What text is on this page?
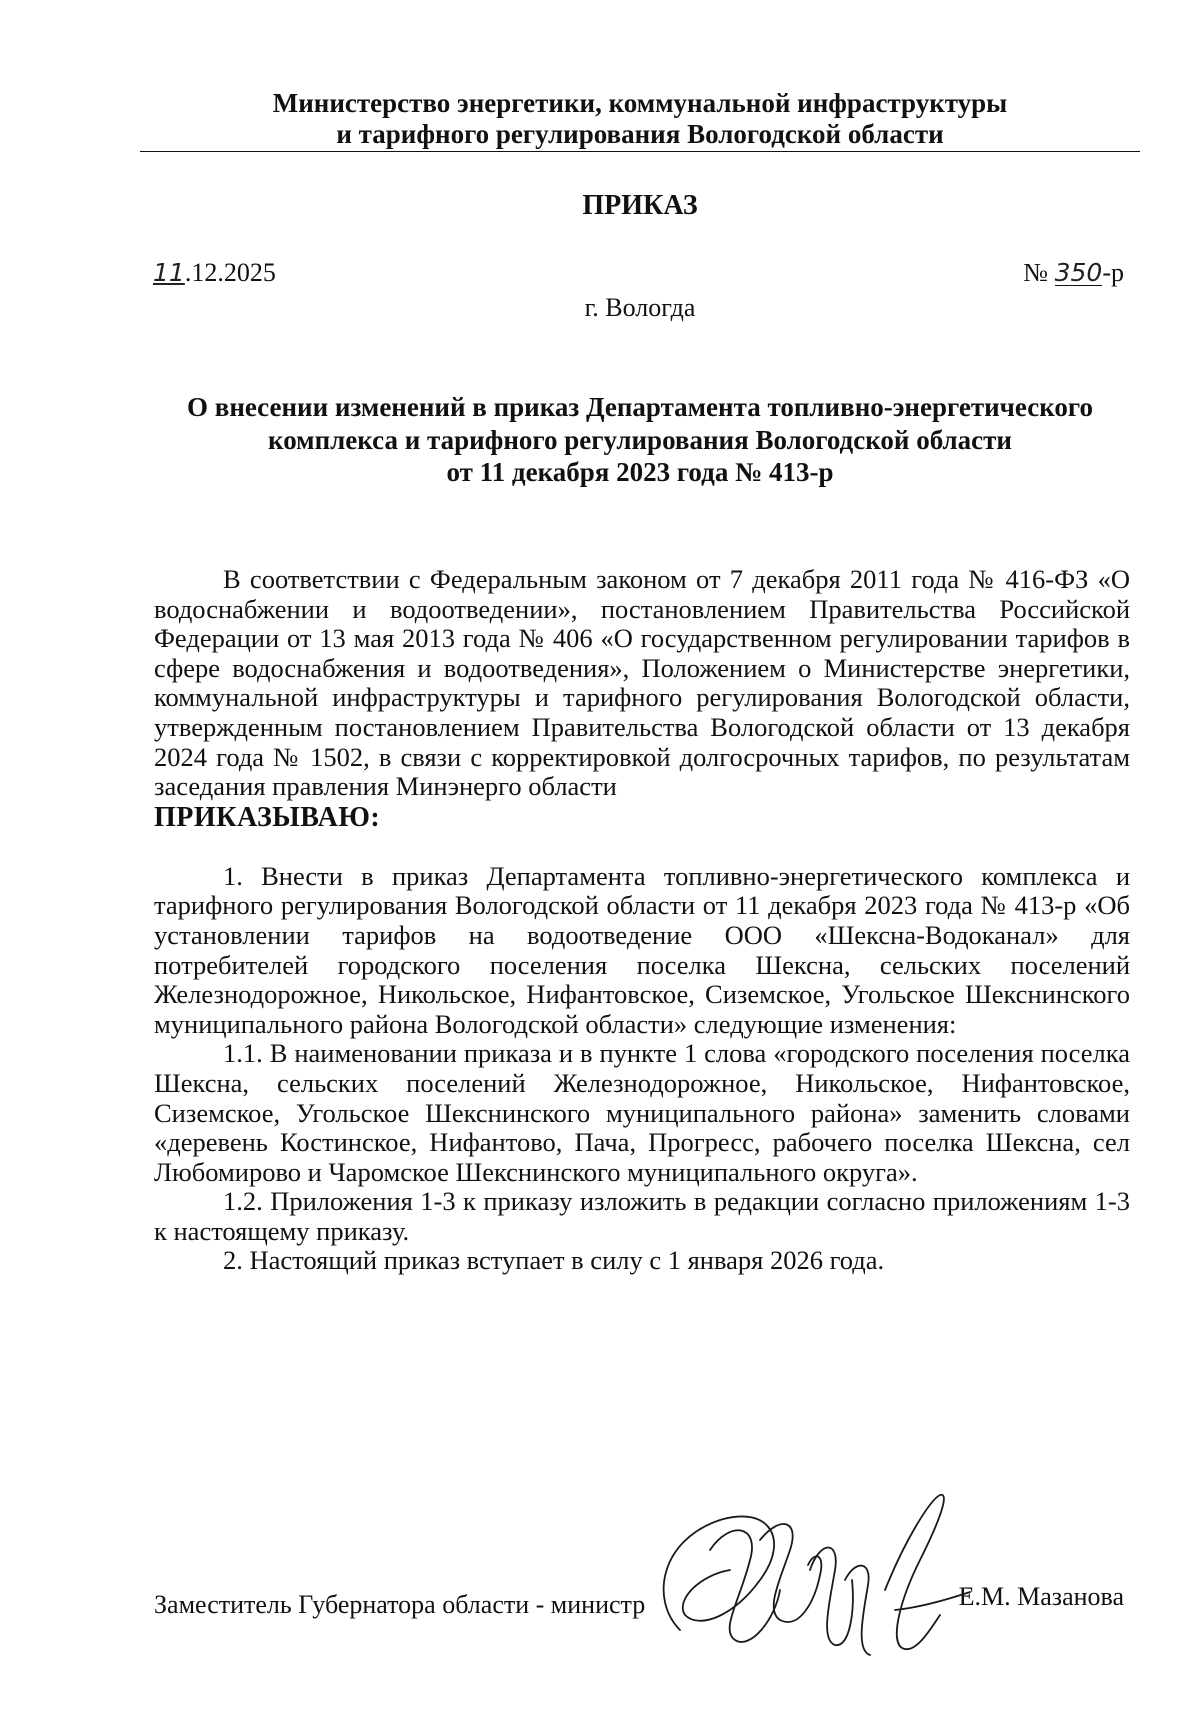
Министерство энергетики, коммунальной инфраструктуры
и тарифного регулирования Вологодской области
ПРИКАЗ
11.12.2025	№ 350-р
г. Вологда
О внесении изменений в приказ Департамента топливно-энергетического
комплекса и тарифного регулирования Вологодской области
от 11 декабря 2023 года № 413-р

В соответствии с Федеральным законом от 7 декабря 2011 года № 416-ФЗ «О водоснабжении и водоотведении», постановлением Правительства Российской Федерации от 13 мая 2013 года № 406 «О государственном регулировании тарифов в сфере водоснабжения и водоотведения», Положением о Министерстве энергетики, коммунальной инфраструктуры и тарифного регулирования Вологодской области, утвержденным постановлением Правительства Вологодской области от 13 декабря 2024 года № 1502, в связи с корректировкой долгосрочных тарифов, по результатам заседания правления Минэнерго области

ПРИКАЗЫВАЮ:

1. Внести в приказ Департамента топливно-энергетического комплекса и тарифного регулирования Вологодской области от 11 декабря 2023 года № 413-р «Об установлении тарифов на водоотведение ООО «Шексна-Водоканал» для потребителей городского поселения поселка Шексна, сельских поселений Железнодорожное, Никольское, Нифантовское, Сиземское, Угольское Шекснинского муниципального района Вологодской области» следующие изменения:

1.1. В наименовании приказа и в пункте 1 слова «городского поселения поселка Шексна, сельских поселений Железнодорожное, Никольское, Нифантовское, Сиземское, Угольское Шекснинского муниципального района» заменить словами «деревень Костинское, Нифантово, Пача, Прогресс, рабочего поселка Шексна, сел Любомирово и Чаромское Шекснинского муниципального округа».

1.2. Приложения 1-3 к приказу изложить в редакции согласно приложениям 1-3 к настоящему приказу.

2. Настоящий приказ вступает в силу с 1 января 2026 года.

Заместитель Губернатора области - министр	Е.М. Мазанова
